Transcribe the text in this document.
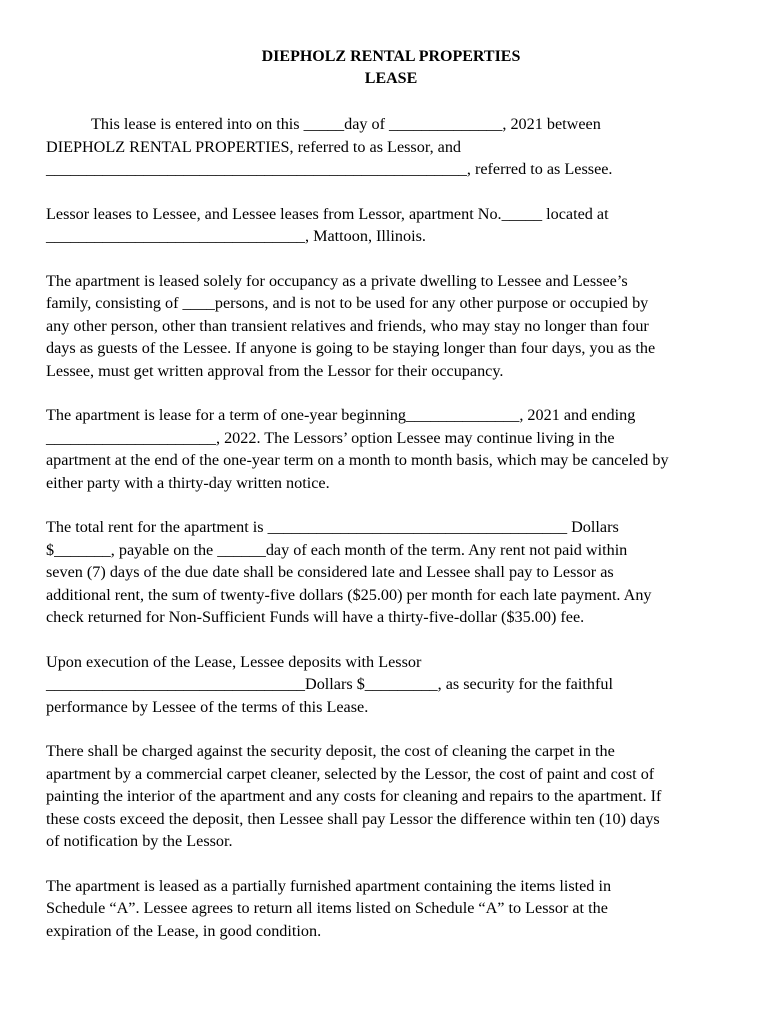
DIEPHOLZ RENTAL PROPERTIES
LEASE

This lease is entered into on this _____day of ______________, 2021 between
DIEPHOLZ RENTAL PROPERTIES, referred to as Lessor, and
____________________________________________________, referred to as Lessee.

Lessor leases to Lessee, and Lessee leases from Lessor, apartment No._____ located at
________________________________, Mattoon, Illinois.

The apartment is leased solely for occupancy as a private dwelling to Lessee and Lessee’s
family, consisting of ____persons, and is not to be used for any other purpose or occupied by
any other person, other than transient relatives and friends, who may stay no longer than four
days as guests of the Lessee. If anyone is going to be staying longer than four days, you as the
Lessee, must get written approval from the Lessor for their occupancy.

The apartment is lease for a term of one-year beginning______________, 2021 and ending
_____________________, 2022. The Lessors’ option Lessee may continue living in the
apartment at the end of the one-year term on a month to month basis, which may be canceled by
either party with a thirty-day written notice.

The total rent for the apartment is _____________________________________ Dollars
$_______, payable on the ______day of each month of the term. Any rent not paid within
seven (7) days of the due date shall be considered late and Lessee shall pay to Lessor as
additional rent, the sum of twenty-five dollars ($25.00) per month for each late payment. Any
check returned for Non-Sufficient Funds will have a thirty-five-dollar ($35.00) fee.

Upon execution of the Lease, Lessee deposits with Lessor
________________________________Dollars $_________, as security for the faithful
performance by Lessee of the terms of this Lease.

There shall be charged against the security deposit, the cost of cleaning the carpet in the
apartment by a commercial carpet cleaner, selected by the Lessor, the cost of paint and cost of
painting the interior of the apartment and any costs for cleaning and repairs to the apartment. If
these costs exceed the deposit, then Lessee shall pay Lessor the difference within ten (10) days
of notification by the Lessor.

The apartment is leased as a partially furnished apartment containing the items listed in
Schedule “A”. Lessee agrees to return all items listed on Schedule “A” to Lessor at the
expiration of the Lease, in good condition.
